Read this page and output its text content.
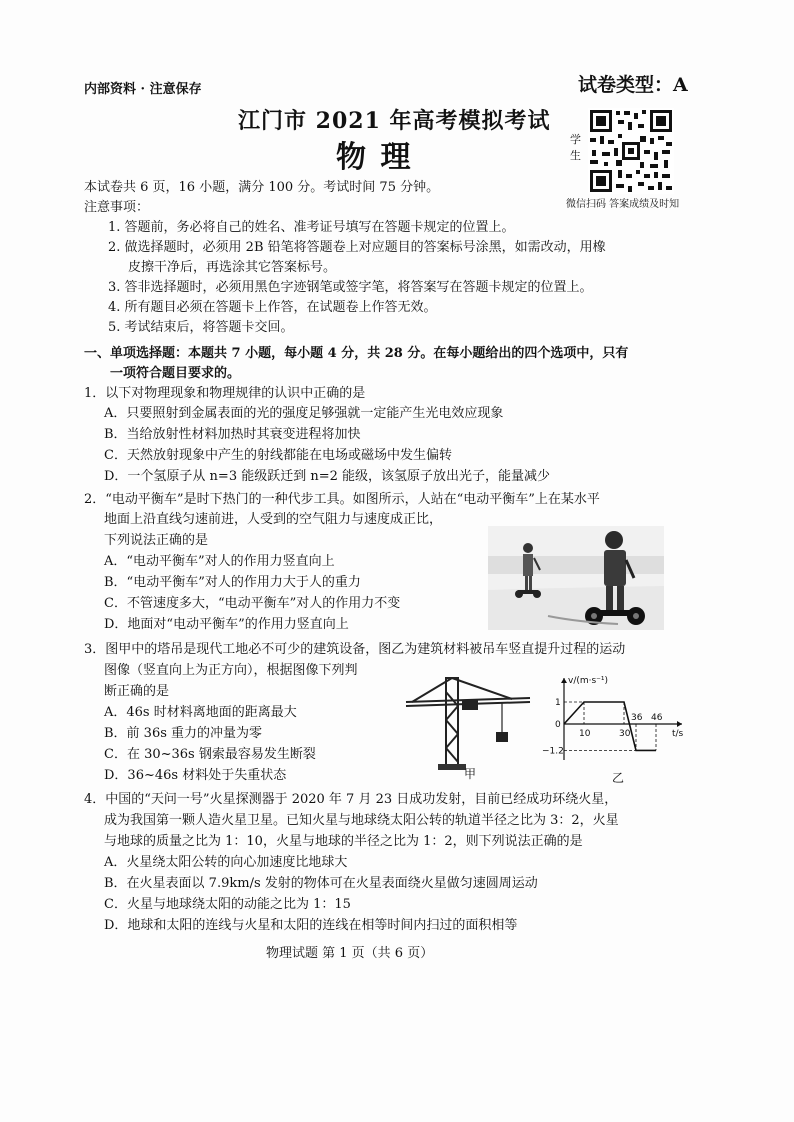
内部资料 · 注意保存	试卷类型：A
江门市 2021 年高考模拟考试
物 理
学生
微信扫码 答案成绩及时知
本试卷共 6 页，16 小题，满分 100 分。考试时间 75 分钟。
注意事项：
1. 答题前，务必将自己的姓名、准考证号填写在答题卡规定的位置上。
2. 做选择题时，必须用 2B 铅笔将答题卷上对应题目的答案标号涂黑，如需改动，用橡
皮擦干净后，再选涂其它答案标号。
3. 答非选择题时，必须用黑色字迹钢笔或签字笔，将答案写在答题卡规定的位置上。
4. 所有题目必须在答题卡上作答，在试题卷上作答无效。
5. 考试结束后，将答题卡交回。
一、单项选择题：本题共 7 小题，每小题 4 分，共 28 分。在每小题给出的四个选项中，只有
一项符合题目要求的。
1．以下对物理现象和物理规律的认识中正确的是
A．只要照射到金属表面的光的强度足够强就一定能产生光电效应现象
B．当给放射性材料加热时其衰变进程将加快
C．天然放射现象中产生的射线都能在电场或磁场中发生偏转
D．一个氢原子从 n=3 能级跃迁到 n=2 能级，该氢原子放出光子，能量减少
2．“电动平衡车”是时下热门的一种代步工具。如图所示，人站在“电动平衡车”上在某水平
地面上沿直线匀速前进，人受到的空气阻力与速度成正比，
下列说法正确的是
A．“电动平衡车”对人的作用力竖直向上
B．“电动平衡车”对人的作用力大于人的重力
C．不管速度多大，“电动平衡车”对人的作用力不变
D．地面对“电动平衡车”的作用力竖直向上
3．图甲中的塔吊是现代工地必不可少的建筑设备，图乙为建筑材料被吊车竖直提升过程的运动
图像（竖直向上为正方向），根据图像下列判
断正确的是
A．46s 时材料离地面的距离最大
B．前 36s 重力的冲量为零
C．在 30~36s 钢索最容易发生断裂
D．36~46s 材料处于失重状态	甲
v/(m·s⁻¹)
t/s
10	30
36 46
1
0
−1.2
乙
4．中国的“天问一号”火星探测器于 2020 年 7 月 23 日成功发射，目前已经成功环绕火星，
成为我国第一颗人造火星卫星。已知火星与地球绕太阳公转的轨道半径之比为 3：2，火星
与地球的质量之比为 1：10，火星与地球的半径之比为 1：2，则下列说法正确的是
A．火星绕太阳公转的向心加速度比地球大
B．在火星表面以 7.9km/s 发射的物体可在火星表面绕火星做匀速圆周运动
C．火星与地球绕太阳的动能之比为 1：15
D．地球和太阳的连线与火星和太阳的连线在相等时间内扫过的面积相等
物理试题 第 1 页（共 6 页）
